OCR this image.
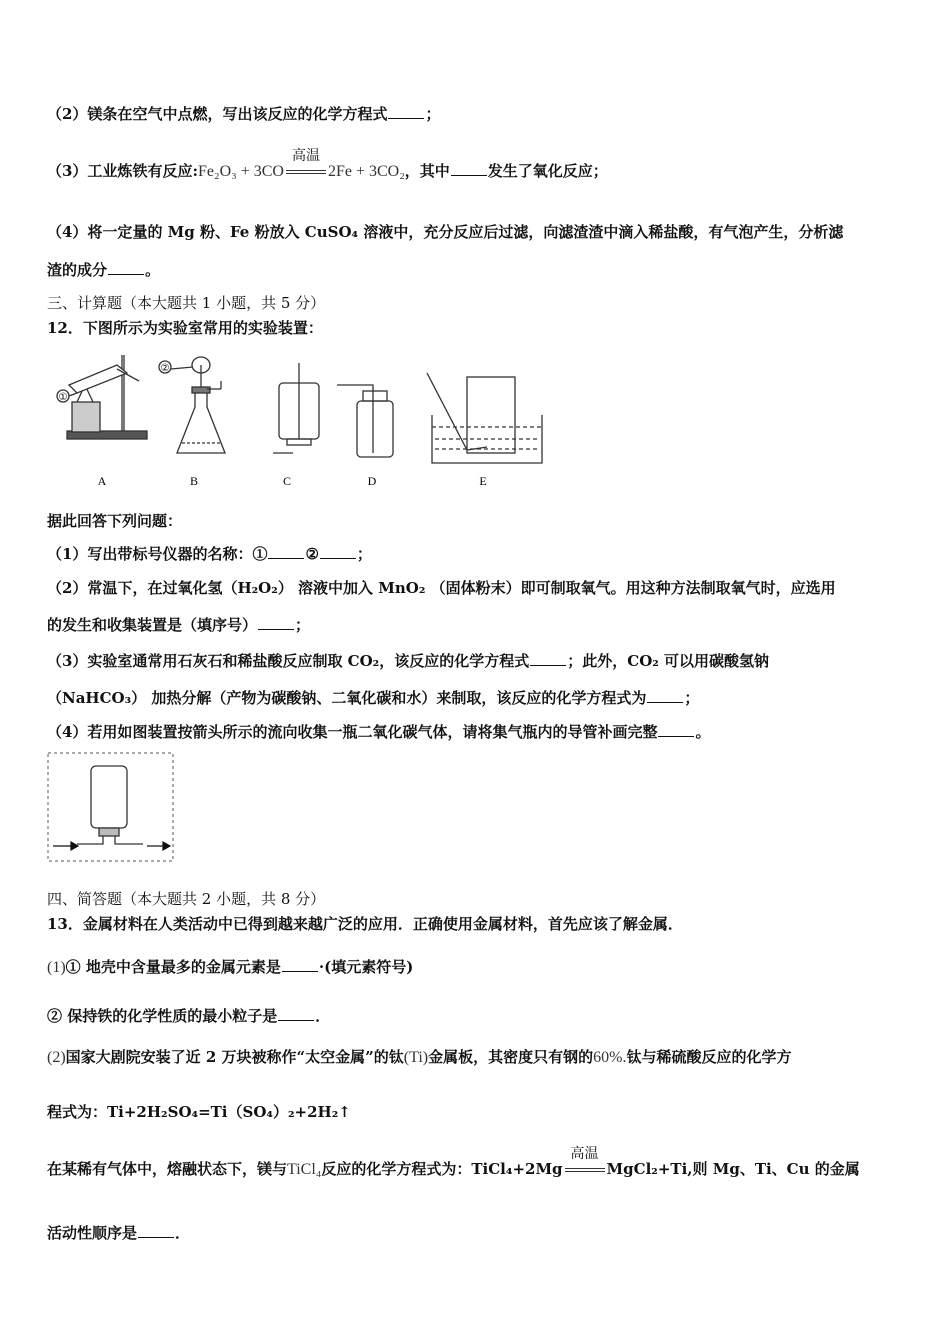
（2）镁条在空气中点燃，写出该反应的化学方程式	；
（3）工业炼铁有反应:Fe₂O₃ + 3CO
高温
2Fe + 3CO₂，其中	发生了氧化反应；
（4）将一定量的 Mg 粉、Fe 粉放入 CuSO₄ 溶液中，充分反应后过滤，向滤渣渣中滴入稀盐酸，有气泡产生，分析滤
渣的成分	。
三、计算题（本大题共 1 小题，共 5 分）
12．下图所示为实验室常用的实验装置：
①
②
A	B	C	D	E
据此回答下列问题：
（1）写出带标号仪器的名称：①	②	；
（2）常温下，在过氧化氢（H₂O₂） 溶液中加入 MnO₂ （固体粉末）即可制取氧气。用这种方法制取氧气时，应选用
的发生和收集装置是（填序号）	；
（3）实验室通常用石灰石和稀盐酸反应制取 CO₂，该反应的化学方程式	；此外，CO₂ 可以用碳酸氢钠
（NaHCO₃） 加热分解（产物为碳酸钠、二氧化碳和水）来制取，该反应的化学方程式为	；
（4）若用如图装置按箭头所示的流向收集一瓶二氧化碳气体，请将集气瓶内的导管补画完整	。
四、简答题（本大题共 2 小题，共 8 分）
13．金属材料在人类活动中已得到越来越广泛的应用．正确使用金属材料，首先应该了解金属．
(1)① 地壳中含量最多的金属元素是	·(填元素符号)
② 保持铁的化学性质的最小粒子是	．
(2)国家大剧院安装了近 2 万块被称作“太空金属”的钛(Ti)金属板，其密度只有钢的60%.钛与稀硫酸反应的化学方
程式为：Ti+2H₂SO₄=Ti（SO₄）₂+2H₂↑
在某稀有气体中，熔融状态下，镁与TiCl₄反应的化学方程式为：TiCl₄+2Mg
高温
MgCl₂+Ti,则 Mg、Ti、Cu 的金属
活动性顺序是	．
